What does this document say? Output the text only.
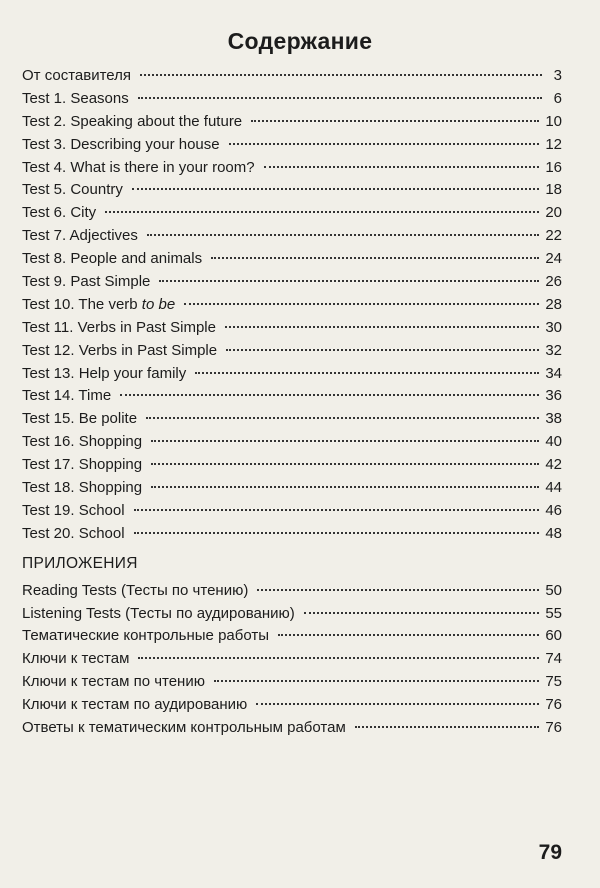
Содержание
От составителя	3
Test 1. Seasons	6
Test 2. Speaking about the future	10
Test 3. Describing your house	12
Test 4. What is there in your room?	16
Test 5. Country	18
Test 6. City	20
Test 7. Adjectives	22
Test 8. People and animals	24
Test 9. Past Simple	26
Test 10. The verb to be	28
Test 11. Verbs in Past Simple	30
Test 12. Verbs in Past Simple	32
Test 13. Help your family	34
Test 14. Time	36
Test 15. Be polite	38
Test 16. Shopping	40
Test 17. Shopping	42
Test 18. Shopping	44
Test 19. School	46
Test 20. School	48
ПРИЛОЖЕНИЯ
Reading Tests (Тесты по чтению)	50
Listening Tests (Тесты по аудированию)	55
Тематические контрольные работы	60
Ключи к тестам	74
Ключи к тестам по чтению	75
Ключи к тестам по аудированию	76
Ответы к тематическим контрольным работам	76
79
